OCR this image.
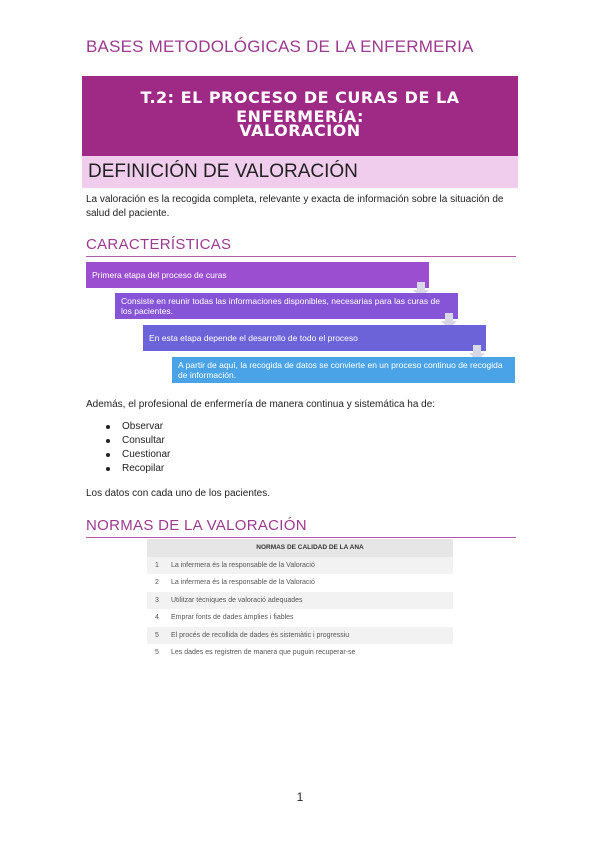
BASES METODOLÓGICAS DE LA ENFERMERIA
T.2: EL PROCESO DE CURAS DE LA ENFERMERíA:
VALORACIÓN
DEFINICIÓN DE VALORACIÓN

La valoración es la recogida completa, relevante y exacta de información sobre la situación de salud del paciente.

CARACTERÍSTICAS
Primera etapa del proceso de curas
Consiste en reunir todas las informaciones disponibles, necesarias para las curas de los pacientes.
En esta etapa depende el desarrollo de todo el proceso
A partir de aquí, la recogida de datos se convierte en un proceso continuo de recogida de información.

Además, el profesional de enfermería de manera continua y sistemática ha de:

Observar
Consultar
Cuestionar
Recopilar

Los datos con cada uno de los pacientes.

NORMAS DE LA VALORACIÓN
	NORMAS DE CALIDAD DE LA ANA
1	La infermera és la responsable de la Valoració
2	La infermera és la responsable de la Valoració
3	Utilitzar tècniques de valoració adequades
4	Emprar fonts de dades àmplies i fiables
5	El procés de recollida de dades és sistemàtic i progressiu
5	Les dades es registren de manera que puguin recuperar-se
1
